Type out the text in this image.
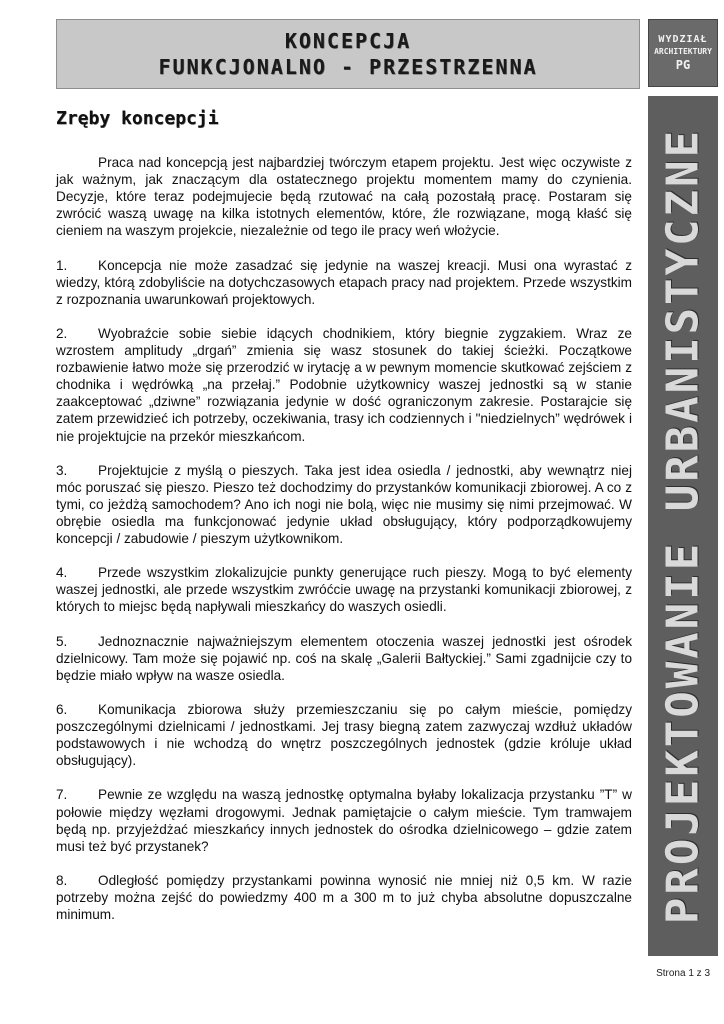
KONCEPCJA
FUNKCJONALNO - PRZESTRZENNA
WYDZIAŁ
ARCHITEKTURY
PG
PROJEKTOWANIE URBANISTYCZNE
Zręby koncepcji

Praca nad koncepcją jest najbardziej twórczym etapem projektu. Jest więc oczywiste z jak ważnym, jak znaczącym dla ostatecznego projektu momentem mamy do czynienia. Decyzje, które teraz podejmujecie będą rzutować na całą pozostałą pracę. Postaram się zwrócić waszą uwagę na kilka istotnych elementów, które, źle rozwiązane, mogą kłaść się cieniem na waszym projekcie, niezależnie od tego ile pracy weń włożycie.

1. Koncepcja nie może zasadzać się jedynie na waszej kreacji. Musi ona wyrastać z wiedzy, którą zdobyliście na dotychczasowych etapach pracy nad projektem. Przede wszystkim z rozpoznania uwarunkowań projektowych.

2. Wyobraźcie sobie siebie idących chodnikiem, który biegnie zygzakiem. Wraz ze wzrostem amplitudy „drgań” zmienia się wasz stosunek do takiej ścieżki. Początkowe rozbawienie łatwo może się przerodzić w irytację a w pewnym momencie skutkować zejściem z chodnika i wędrówką „na przełaj.” Podobnie użytkownicy waszej jednostki są w stanie zaakceptować „dziwne” rozwiązania jedynie w dość ograniczonym zakresie. Postarajcie się zatem przewidzieć ich potrzeby, oczekiwania, trasy ich codziennych i "niedzielnych” wędrówek i nie projektujcie na przekór mieszkańcom.

3. Projektujcie z myślą o pieszych. Taka jest idea osiedla / jednostki, aby wewnątrz niej móc poruszać się pieszo. Pieszo też dochodzimy do przystanków komunikacji zbiorowej. A co z tymi, co jeżdżą samochodem? Ano ich nogi nie bolą, więc nie musimy się nimi przejmować. W obrębie osiedla ma funkcjonować jedynie układ obsługujący, który podporządkowujemy koncepcji / zabudowie / pieszym użytkownikom.

4. Przede wszystkim zlokalizujcie punkty generujące ruch pieszy. Mogą to być elementy waszej jednostki, ale przede wszystkim zwróćcie uwagę na przystanki komunikacji zbiorowej, z których to miejsc będą napływali mieszkańcy do waszych osiedli.

5. Jednoznacznie najważniejszym elementem otoczenia waszej jednostki jest ośrodek dzielnicowy. Tam może się pojawić np. coś na skalę „Galerii Bałtyckiej.” Sami zgadnijcie czy to będzie miało wpływ na wasze osiedla.

6. Komunikacja zbiorowa służy przemieszczaniu się po całym mieście, pomiędzy poszczególnymi dzielnicami / jednostkami. Jej trasy biegną zatem zazwyczaj wzdłuż układów podstawowych i nie wchodzą do wnętrz poszczególnych jednostek (gdzie króluje układ obsługujący).

7. Pewnie ze względu na waszą jednostkę optymalna byłaby lokalizacja przystanku ”T” w połowie między węzłami drogowymi. Jednak pamiętajcie o całym mieście. Tym tramwajem będą np. przyjeżdżać mieszkańcy innych jednostek do ośrodka dzielnicowego – gdzie zatem musi też być przystanek?

8. Odległość pomiędzy przystankami powinna wynosić nie mniej niż 0,5 km. W razie potrzeby można zejść do powiedzmy 400 m a 300 m to już chyba absolutne dopuszczalne minimum.

Strona 1 z 3
